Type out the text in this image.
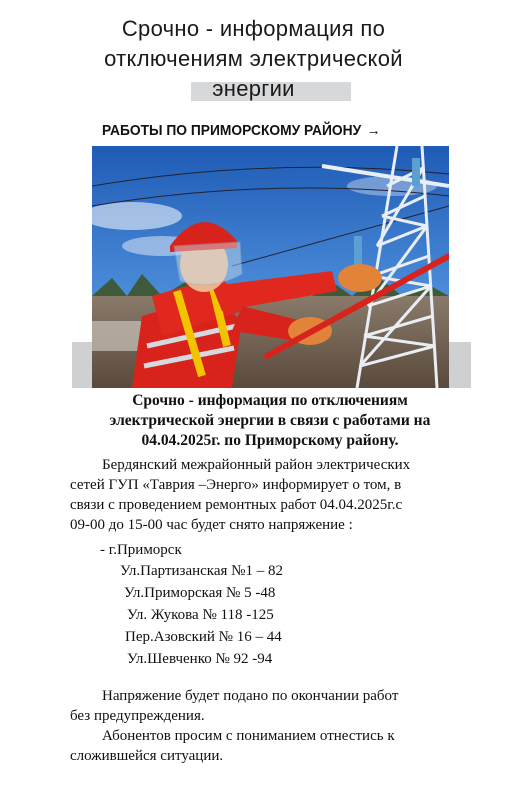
Срочно - информация по
отключениям электрической
энергии
РАБОТЫ ПО ПРИМОРСКОМУ РАЙОНУ →
Срочно - информация по отключениям
электрической энергии в связи с работами на
04.04.2025г. по Приморскому району.

Бердянский межрайонный район электрических

сетей ГУП «Таврия –Энерго» информирует о том, в

связи с проведением ремонтных работ 04.04.2025г.с

09-00 до 15-00 час будет снято напряжение :

- г.Приморск
Ул.Партизанская №1 – 82
Ул.Приморская № 5 -48
Ул. Жукова № 118 -125
Пер.Азовский № 16 – 44
Ул.Шевченко № 92 -94

Напряжение будет подано по окончании работ

без предупреждения.

Абонентов просим с пониманием отнестись к

сложившейся ситуации.
